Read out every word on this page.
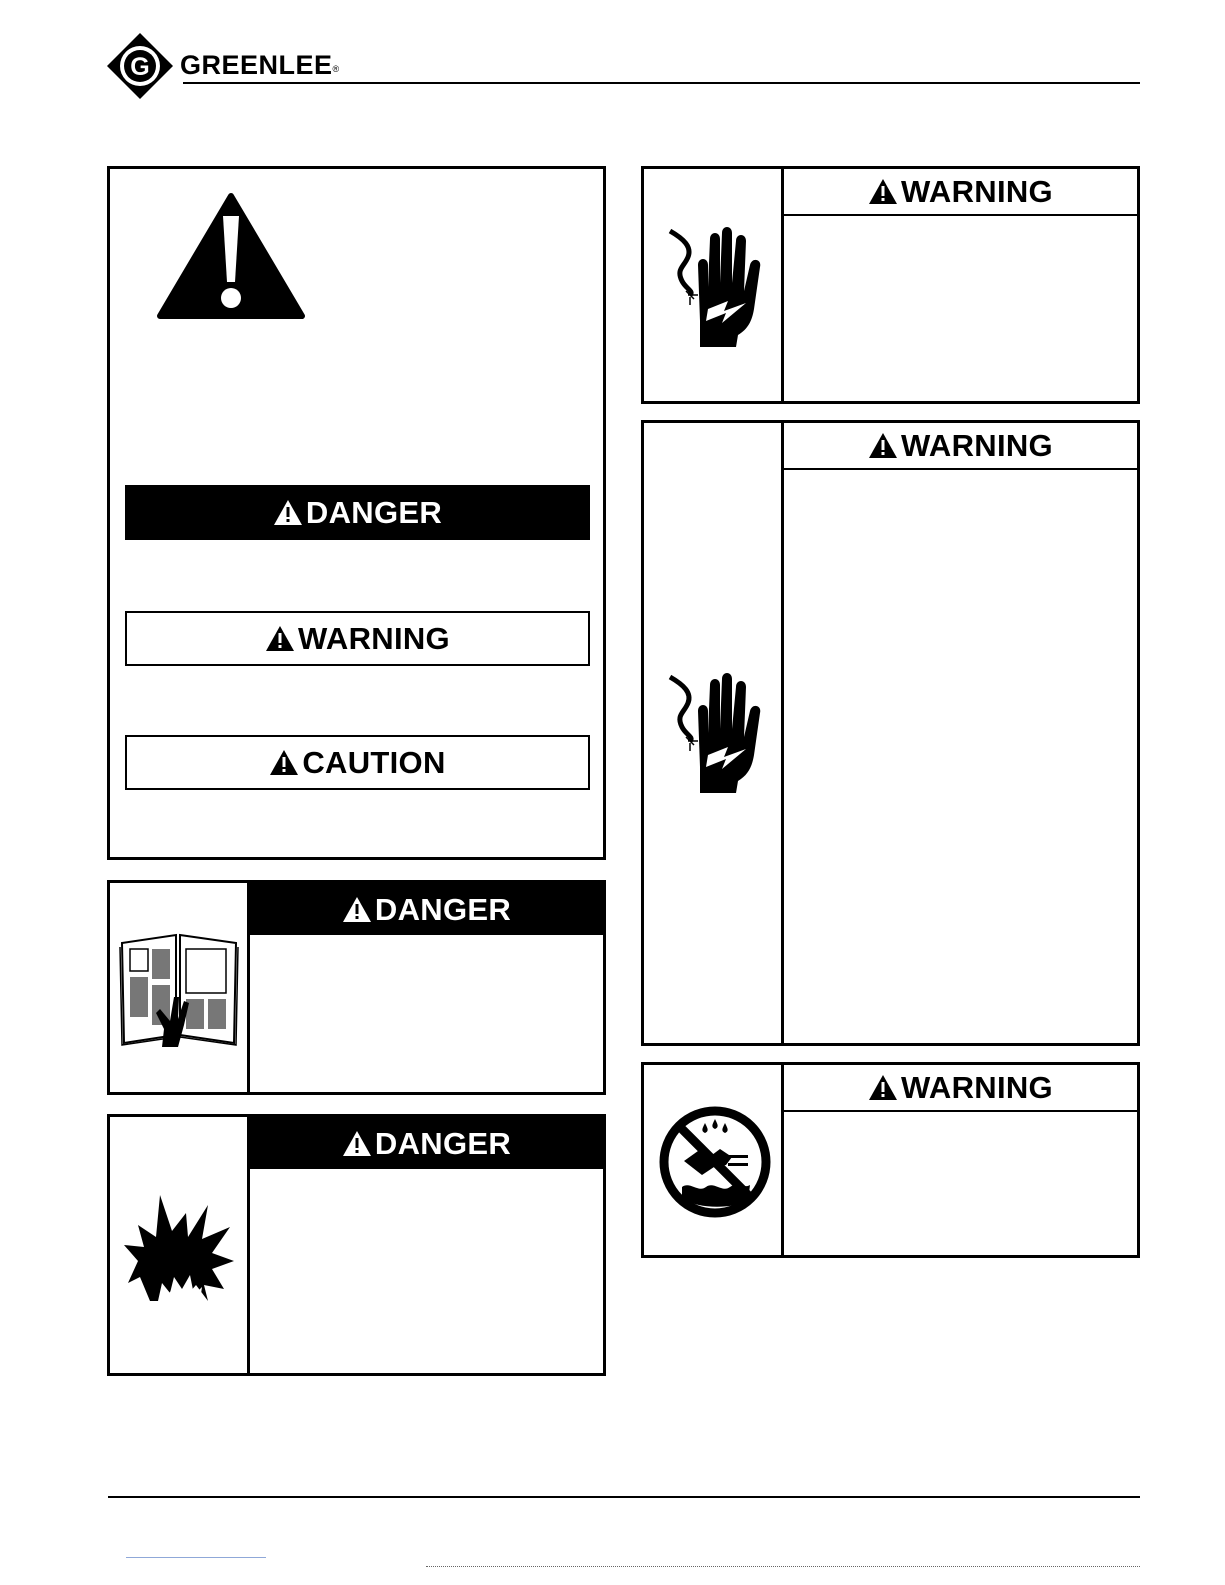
G GREENLEE®
DANGER
WARNING
CAUTION
DANGER
DANGER
WARNING
WARNING
WARNING
